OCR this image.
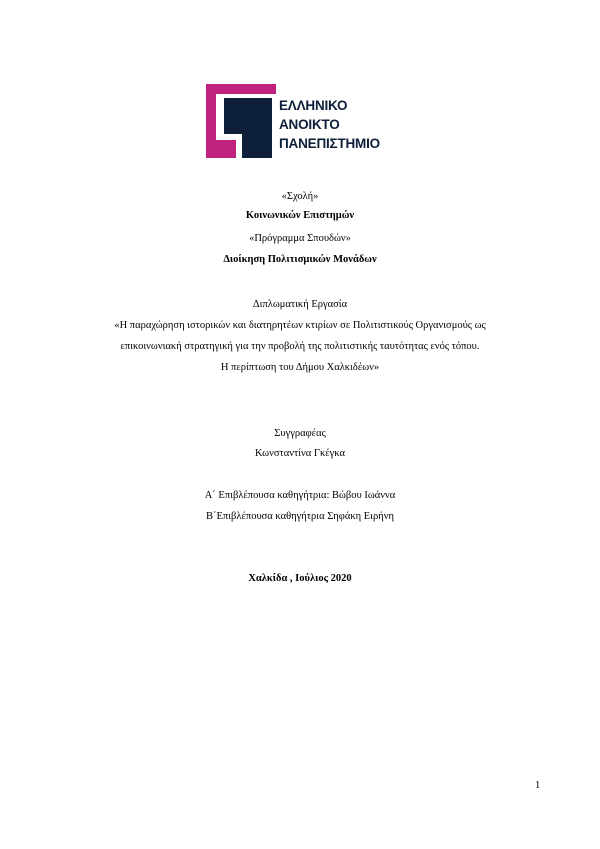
ΕΛΛΗΝΙΚΟ
ΑΝΟΙΚΤΟ
ΠΑΝΕΠΙΣΤΗΜΙΟ
«Σχολή»
Κοινωνικών Επιστημών
«Πρόγραμμα Σπουδών»
Διοίκηση Πολιτισμικών Μονάδων
Διπλωματική Εργασία
«Η παραχώρηση ιστορικών και διατηρητέων κτιρίων σε Πολιτιστικούς Οργανισμούς ως
επικοινωνιακή στρατηγική για την προβολή της πολιτιστικής ταυτότητας ενός τόπου.
Η περίπτωση του Δήμου Χαλκιδέων»
Συγγραφέας
Κωνσταντίνα Γκέγκα
Α΄ Επιβλέπουσα καθηγήτρια: Βώβου Ιωάννα
Β΄Επιβλέπουσα καθηγήτρια Σηφάκη Ειρήνη
Χαλκίδα , Ιούλιος 2020
1
